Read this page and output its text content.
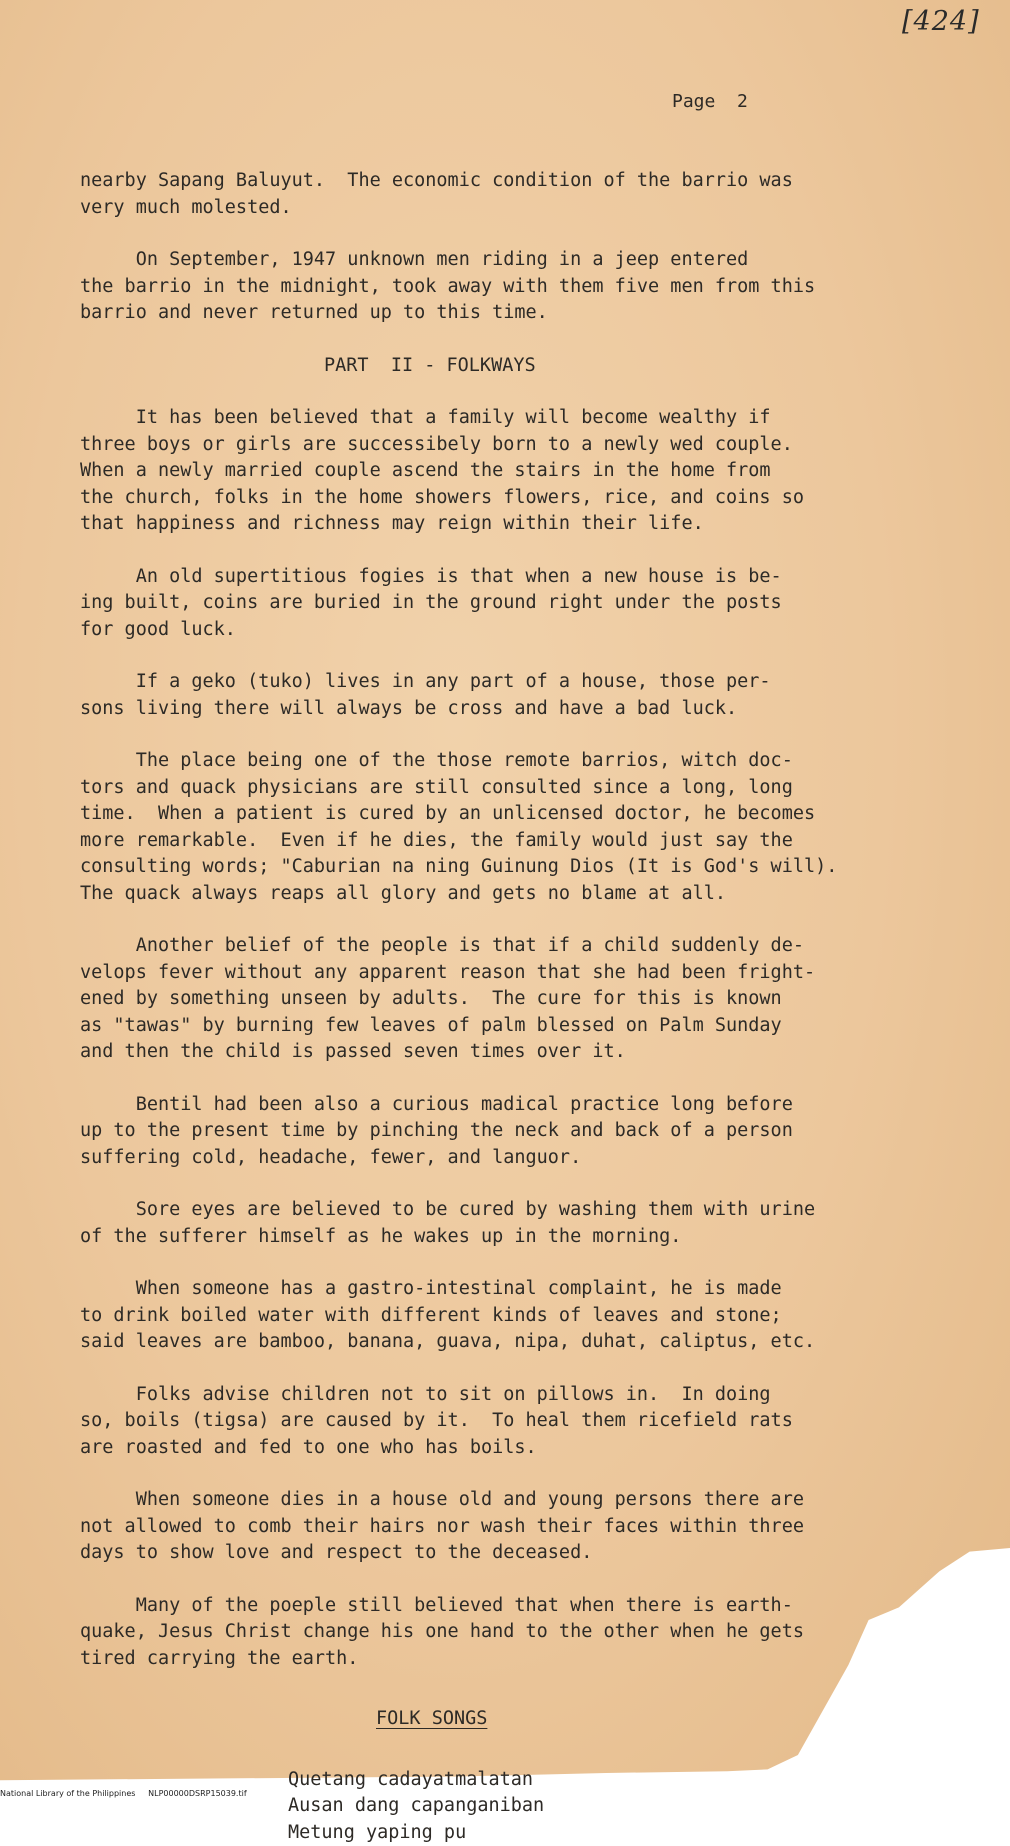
[424]
Page  2

nearby Sapang Baluyut.  The economic condition of the barrio was
very much molested.

On September, 1947 unknown men riding in a jeep entered
the barrio in the midnight, took away with them five men from this
barrio and never returned up to this time.

PART  II - FOLKWAYS

It has been believed that a family will become wealthy if
three boys or girls are successibely born to a newly wed couple.
When a newly married couple ascend the stairs in the home from
the church, folks in the home showers flowers, rice, and coins so
that happiness and richness may reign within their life.

An old supertitious fogies is that when a new house is be-
ing built, coins are buried in the ground right under the posts
for good luck.

If a geko (tuko) lives in any part of a house, those per-
sons living there will always be cross and have a bad luck.

The place being one of the those remote barrios, witch doc-
tors and quack physicians are still consulted since a long, long
time.  When a patient is cured by an unlicensed doctor, he becomes
more remarkable.  Even if he dies, the family would just say the
consulting words; "Caburian na ning Guinung Dios (It is God's will).
The quack always reaps all glory and gets no blame at all.

Another belief of the people is that if a child suddenly de-
velops fever without any apparent reason that she had been fright-
ened by something unseen by adults.  The cure for this is known
as "tawas" by burning few leaves of palm blessed on Palm Sunday
and then the child is passed seven times over it.

Bentil had been also a curious madical practice long before
up to the present time by pinching the neck and back of a person
suffering cold, headache, fewer, and languor.

Sore eyes are believed to be cured by washing them with urine
of the sufferer himself as he wakes up in the morning.

When someone has a gastro-intestinal complaint, he is made
to drink boiled water with different kinds of leaves and stone;
said leaves are bamboo, banana, guava, nipa, duhat, caliptus, etc.

Folks advise children not to sit on pillows in.  In doing
so, boils (tigsa) are caused by it.  To heal them ricefield rats
are roasted and fed to one who has boils.

When someone dies in a house old and young persons there are
not allowed to comb their hairs nor wash their faces within three
days to show love and respect to the deceased.

Many of the poeple still believed that when there is earth-
quake, Jesus Christ change his one hand to the other when he gets
tired carrying the earth.

FOLK SONGS

Quetang cadayatmalatan
Ausan dang capanganiban
Metung yaping pu
National Library of the Philippines     NLP00000DSRP15039.tif
